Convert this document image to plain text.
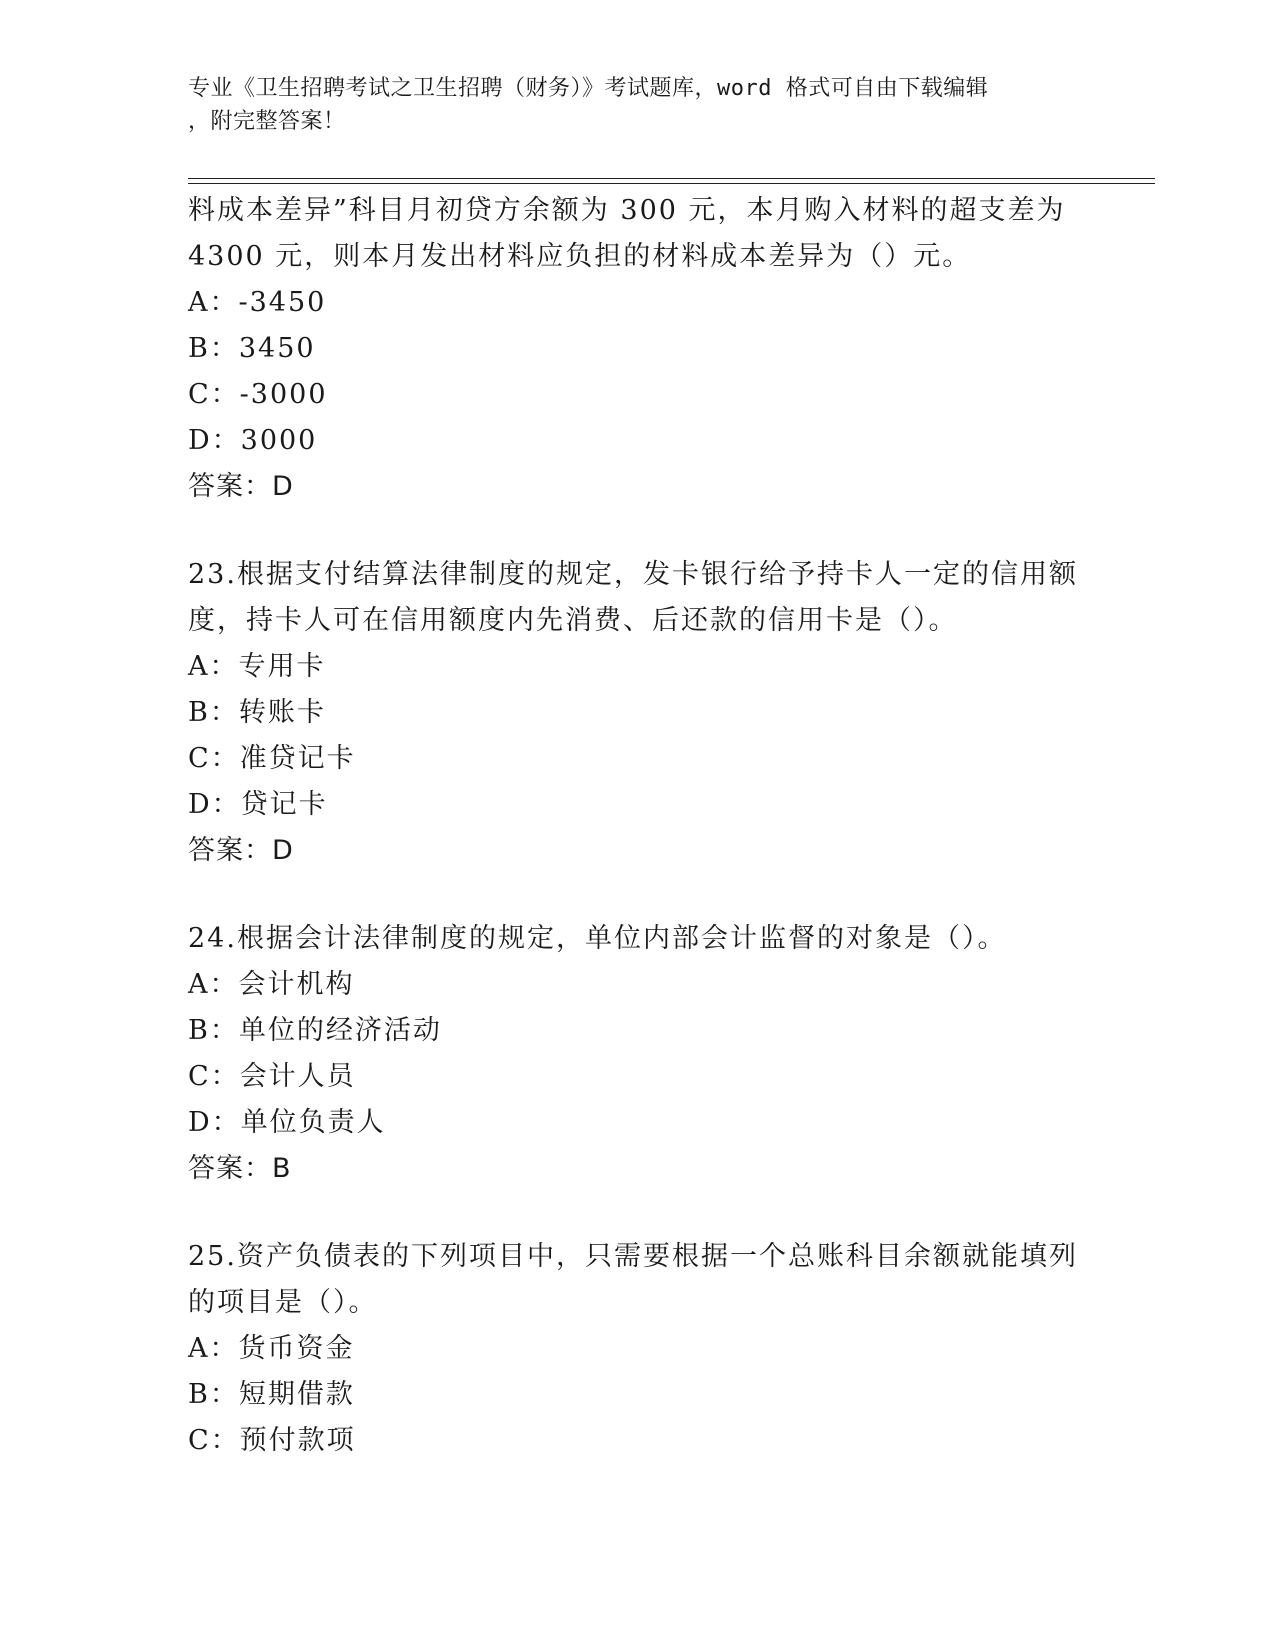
专业《卫生招聘考试之卫生招聘（财务）》考试题库，word 格式可自由下载编辑
，附完整答案！
料成本差异”科目月初贷方余额为 300 元，本月购入材料的超支差为
4300 元，则本月发出材料应负担的材料成本差异为（）元。
A：-3450
B：3450
C：-3000
D：3000
答案：D
23.根据支付结算法律制度的规定，发卡银行给予持卡人一定的信用额
度，持卡人可在信用额度内先消费、后还款的信用卡是（）。
A：专用卡
B：转账卡
C：准贷记卡
D：贷记卡
答案：D
24.根据会计法律制度的规定，单位内部会计监督的对象是（）。
A：会计机构
B：单位的经济活动
C：会计人员
D：单位负责人
答案：B
25.资产负债表的下列项目中，只需要根据一个总账科目余额就能填列
的项目是（）。
A：货币资金
B：短期借款
C：预付款项
